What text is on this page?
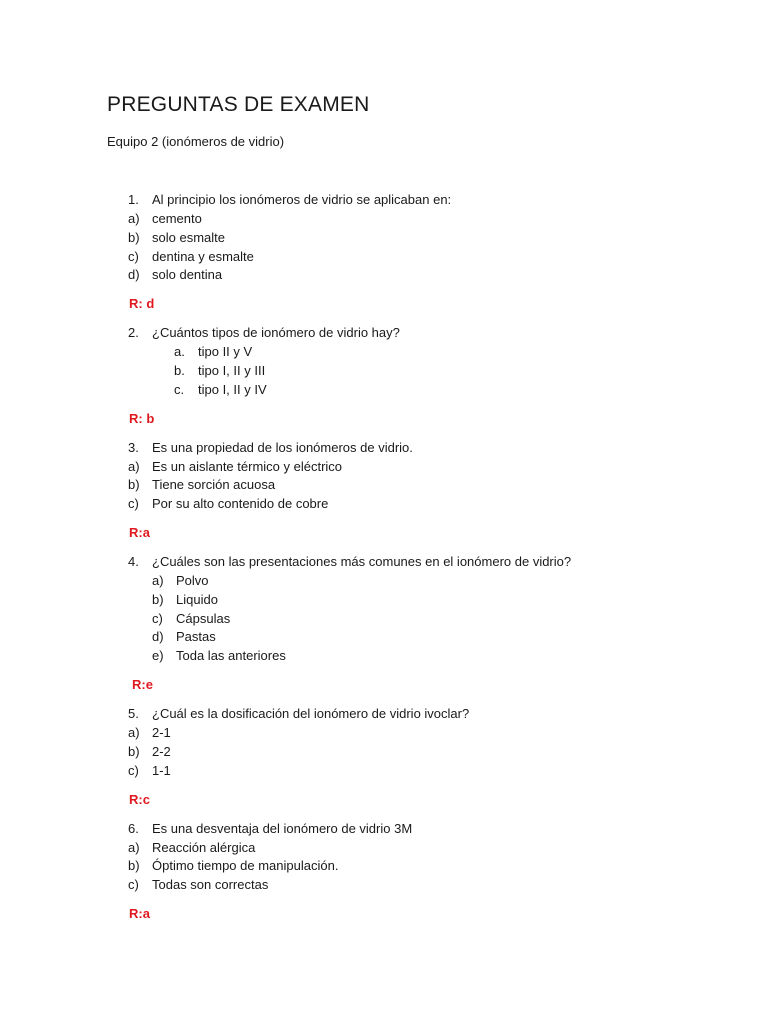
PREGUNTAS DE EXAMEN

Equipo 2 (ionómeros de vidrio)

1. Al principio los ionómeros de vidrio se aplicaban en:
a) cemento
b) solo esmalte
c) dentina y esmalte
d) solo dentina
R: d
2. ¿Cuántos tipos de ionómero de vidrio hay?
a. tipo II y V
b. tipo I, II y III
c. tipo I, II y IV
R: b
3. Es una propiedad de los ionómeros de vidrio.
a) Es un aislante térmico y eléctrico
b) Tiene sorción acuosa
c) Por su alto contenido de cobre
R:a
4. ¿Cuáles son las presentaciones más comunes en el ionómero de vidrio?
a) Polvo
b) Liquido
c) Cápsulas
d) Pastas
e) Toda las anteriores
R:e
5. ¿Cuál es la dosificación del ionómero de vidrio ivoclar?
a) 2-1
b) 2-2
c) 1-1
R:c
6. Es una desventaja del ionómero de vidrio 3M
a) Reacción alérgica
b) Óptimo tiempo de manipulación.
c) Todas son correctas
R:a
